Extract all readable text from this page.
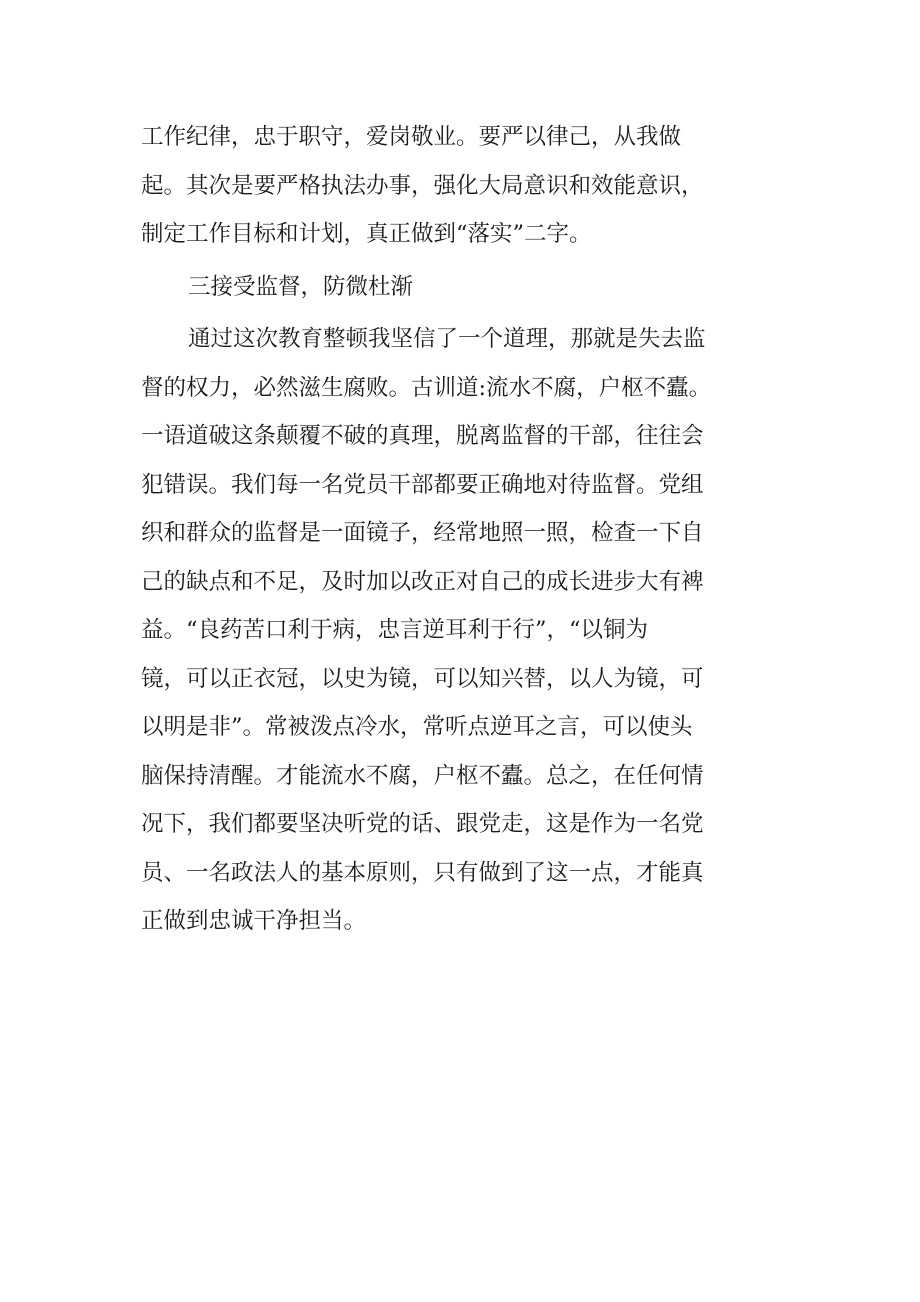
工作纪律，忠于职守，爱岗敬业。要严以律己，从我做
起。其次是要严格执法办事，强化大局意识和效能意识，
制定工作目标和计划，真正做到“落实”二字。
三接受监督，防微杜渐
通过这次教育整顿我坚信了一个道理，那就是失去监
督的权力，必然滋生腐败。古训道:流水不腐，户枢不蠹。
一语道破这条颠覆不破的真理，脱离监督的干部，往往会
犯错误。我们每一名党员干部都要正确地对待监督。党组
织和群众的监督是一面镜子，经常地照一照，检查一下自
己的缺点和不足，及时加以改正对自己的成长进步大有裨
益。“良药苦口利于病，忠言逆耳利于行”，“以铜为
镜，可以正衣冠，以史为镜，可以知兴替，以人为镜，可
以明是非”。常被泼点冷水，常听点逆耳之言，可以使头
脑保持清醒。才能流水不腐，户枢不蠹。总之，在任何情
况下，我们都要坚决听党的话、跟党走，这是作为一名党
员、一名政法人的基本原则，只有做到了这一点，才能真
正做到忠诚干净担当。
